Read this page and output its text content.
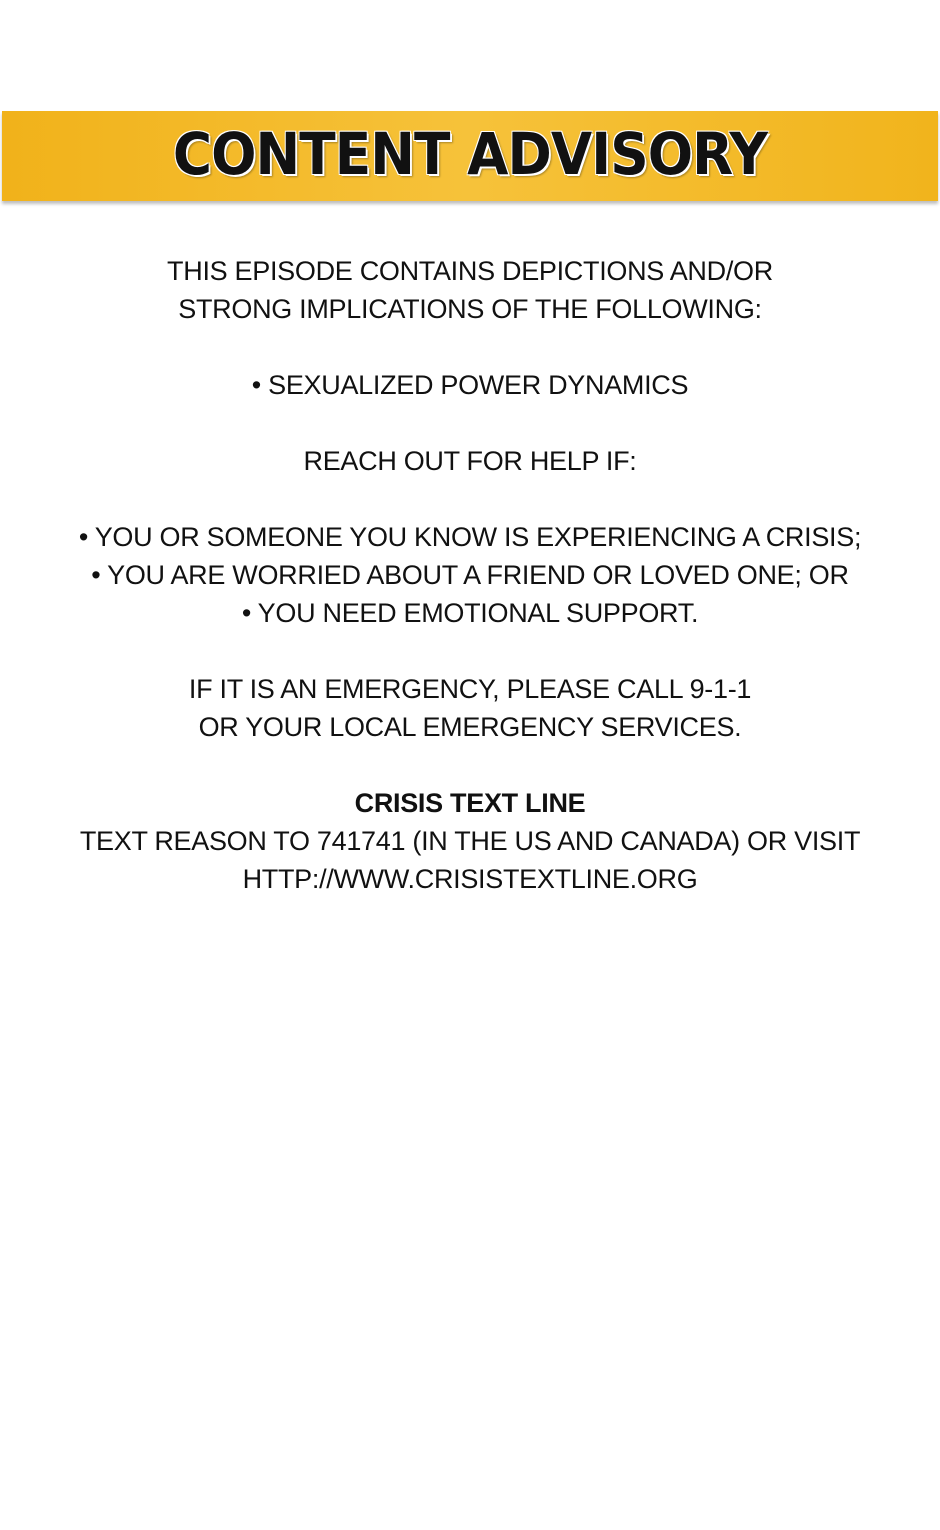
CONTENT ADVISORY
THIS EPISODE CONTAINS DEPICTIONS AND/OR
STRONG IMPLICATIONS OF THE FOLLOWING:
• SEXUALIZED POWER DYNAMICS
REACH OUT FOR HELP IF:
• YOU OR SOMEONE YOU KNOW IS EXPERIENCING A CRISIS;
• YOU ARE WORRIED ABOUT A FRIEND OR LOVED ONE; OR
• YOU NEED EMOTIONAL SUPPORT.
IF IT IS AN EMERGENCY, PLEASE CALL 9-1-1
OR YOUR LOCAL EMERGENCY SERVICES.
CRISIS TEXT LINE
TEXT REASON TO 741741 (IN THE US AND CANADA) OR VISIT
HTTP://WWW.CRISISTEXTLINE.ORG
